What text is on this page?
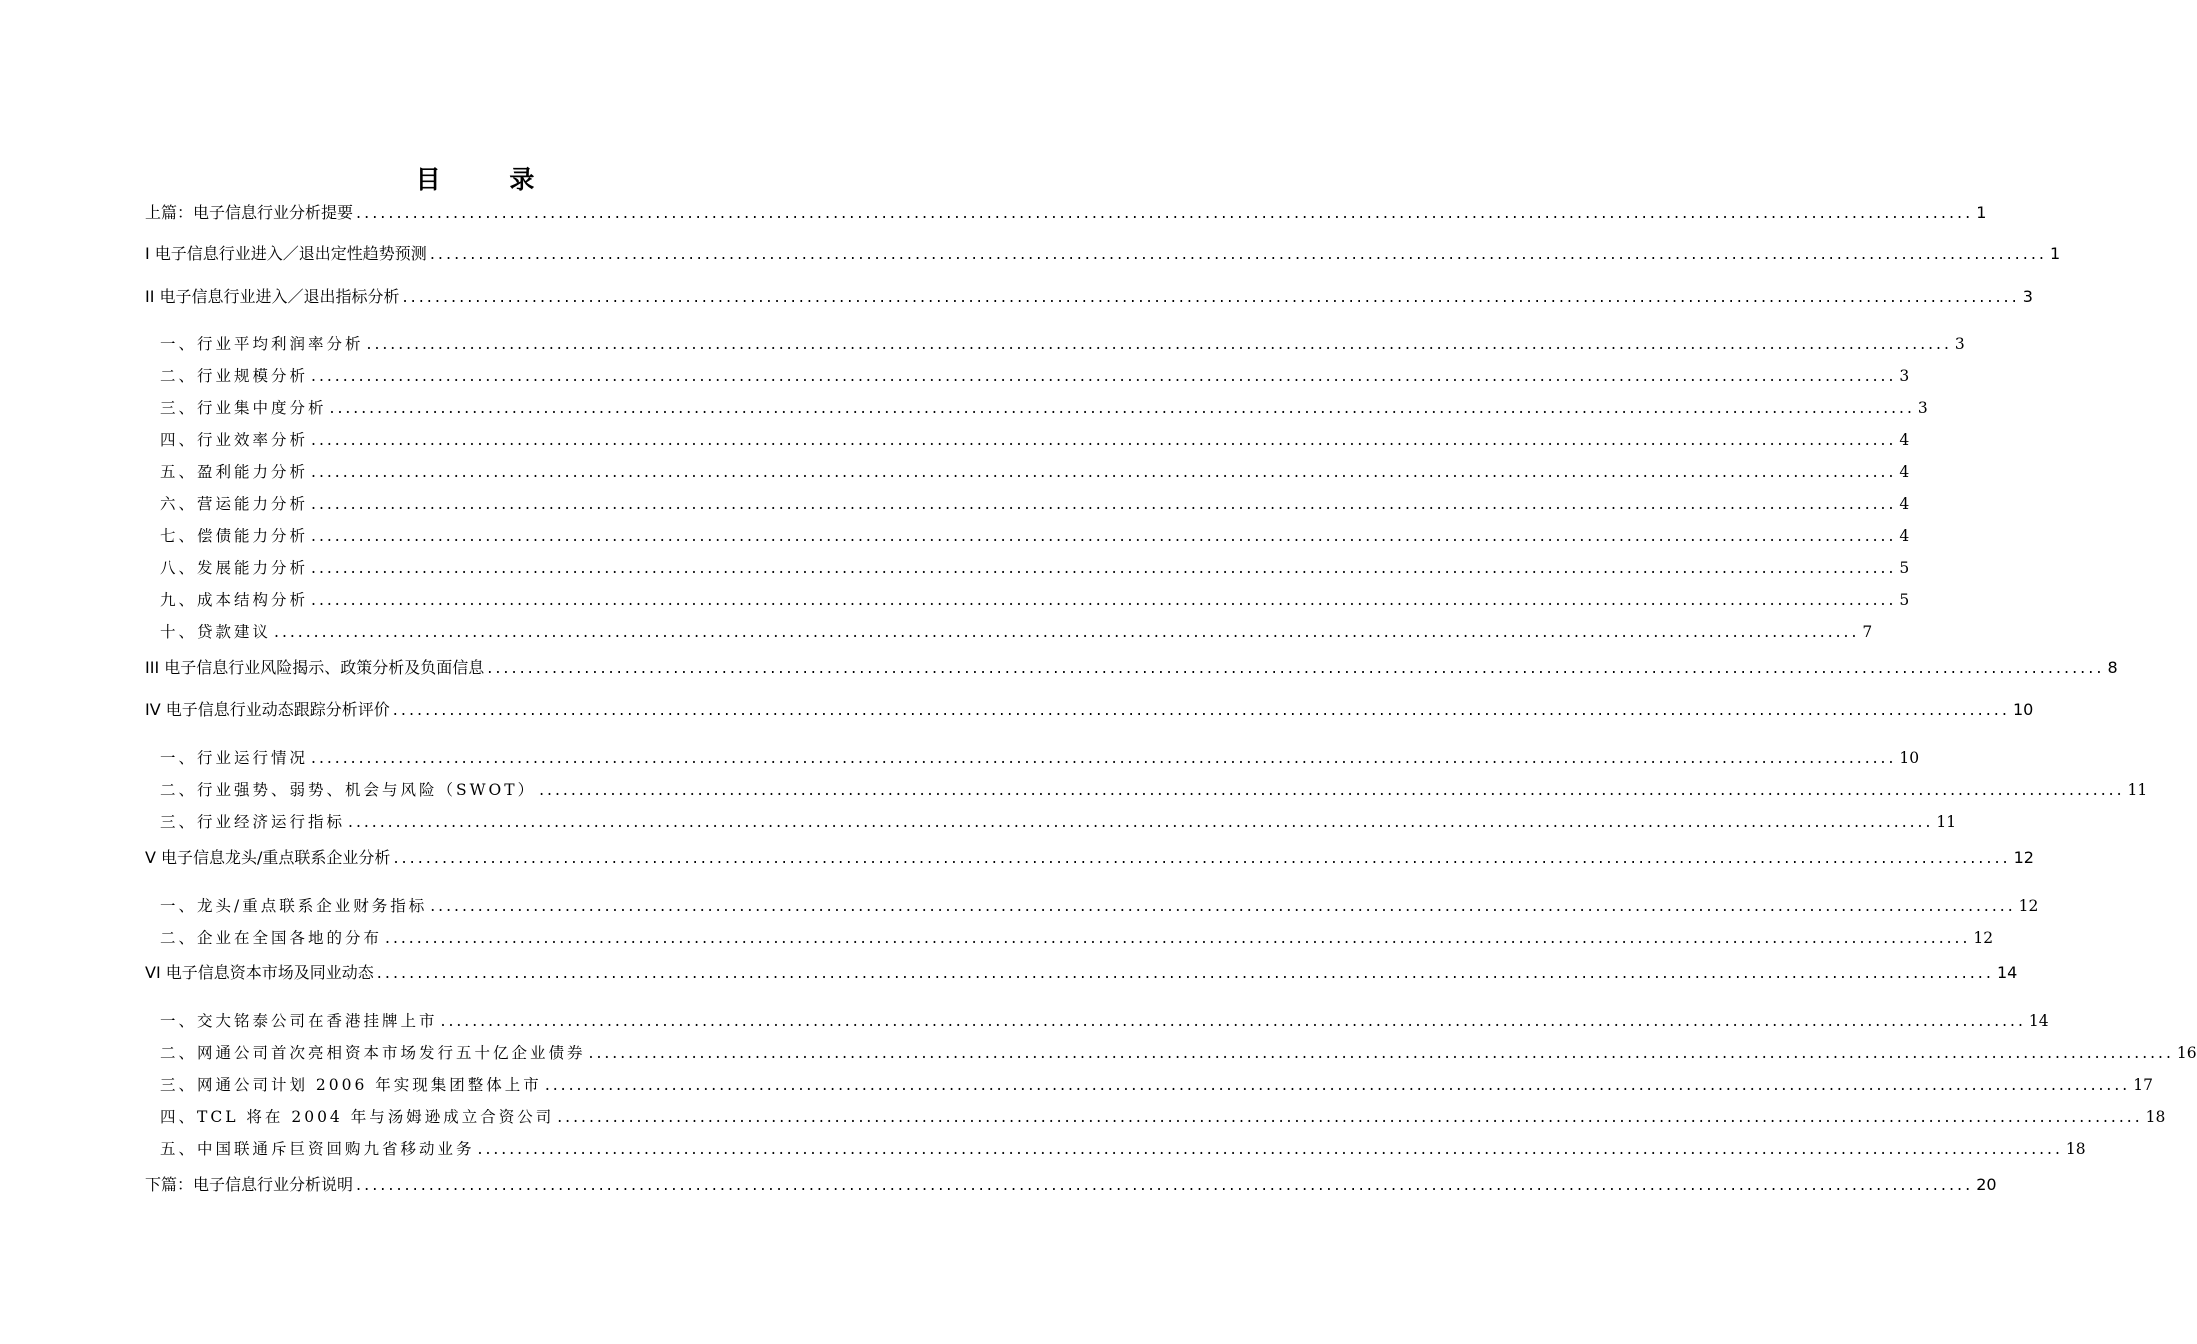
目 录
上篇：电子信息行业分析提要 ........................................................................................................................................................................................................ 1
I 电子信息行业进入／退出定性趋势预测 ........................................................................................................................................................................................................ 1
II 电子信息行业进入／退出指标分析 ........................................................................................................................................................................................................ 3
一、行业平均利润率分析 ........................................................................................................................................................................................................ 3
二、行业规模分析 ........................................................................................................................................................................................................ 3
三、行业集中度分析 ........................................................................................................................................................................................................ 3
四、行业效率分析 ........................................................................................................................................................................................................ 4
五、盈利能力分析 ........................................................................................................................................................................................................ 4
六、营运能力分析 ........................................................................................................................................................................................................ 4
七、偿债能力分析 ........................................................................................................................................................................................................ 4
八、发展能力分析 ........................................................................................................................................................................................................ 5
九、成本结构分析 ........................................................................................................................................................................................................ 5
十、贷款建议 ........................................................................................................................................................................................................ 7
III 电子信息行业风险揭示、政策分析及负面信息 ........................................................................................................................................................................................................ 8
IV 电子信息行业动态跟踪分析评价 ........................................................................................................................................................................................................ 10
一、行业运行情况 ........................................................................................................................................................................................................ 10
二、行业强势、弱势、机会与风险（SWOT） ........................................................................................................................................................................................................ 11
三、行业经济运行指标 ........................................................................................................................................................................................................ 11
V 电子信息龙头/重点联系企业分析 ........................................................................................................................................................................................................ 12
一、龙头/重点联系企业财务指标 ........................................................................................................................................................................................................ 12
二、企业在全国各地的分布 ........................................................................................................................................................................................................ 12
VI 电子信息资本市场及同业动态 ........................................................................................................................................................................................................ 14
一、交大铭泰公司在香港挂牌上市 ........................................................................................................................................................................................................ 14
二、网通公司首次亮相资本市场发行五十亿企业债券 ........................................................................................................................................................................................................ 16
三、网通公司计划 2006 年实现集团整体上市 ........................................................................................................................................................................................................ 17
四、TCL 将在 2004 年与汤姆逊成立合资公司 ........................................................................................................................................................................................................ 18
五、中国联通斥巨资回购九省移动业务 ........................................................................................................................................................................................................ 18
下篇：电子信息行业分析说明 ........................................................................................................................................................................................................ 20
